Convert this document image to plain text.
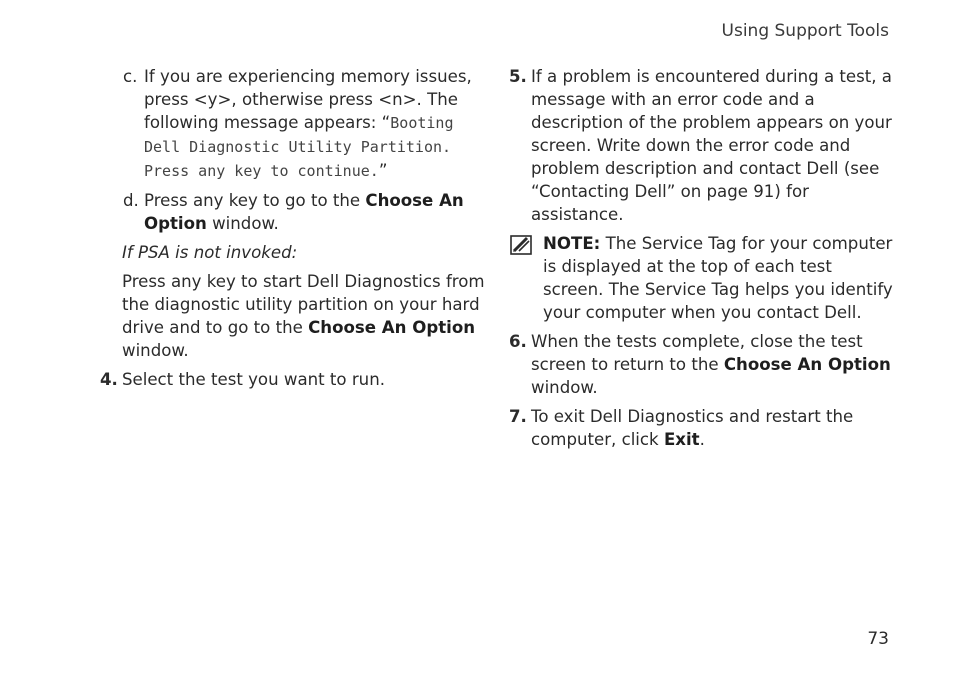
Using Support Tools
c. If you are experiencing memory issues, press <y>, otherwise press <n>. The following message appears: “Booting Dell Diagnostic Utility Partition. Press any key to continue.”
d. Press any key to go to the Choose An Option window.
If PSA is not invoked:
Press any key to start Dell Diagnostics from the diagnostic utility partition on your hard drive and to go to the Choose An Option window.
4. Select the test you want to run.
5. If a problem is encountered during a test, a message with an error code and a description of the problem appears on your screen. Write down the error code and problem description and contact Dell (see “Contacting Dell” on page 91) for assistance.
NOTE: The Service Tag for your computer is displayed at the top of each test screen. The Service Tag helps you identify your computer when you contact Dell.
6. When the tests complete, close the test screen to return to the Choose An Option window.
7. To exit Dell Diagnostics and restart the computer, click Exit.
73
